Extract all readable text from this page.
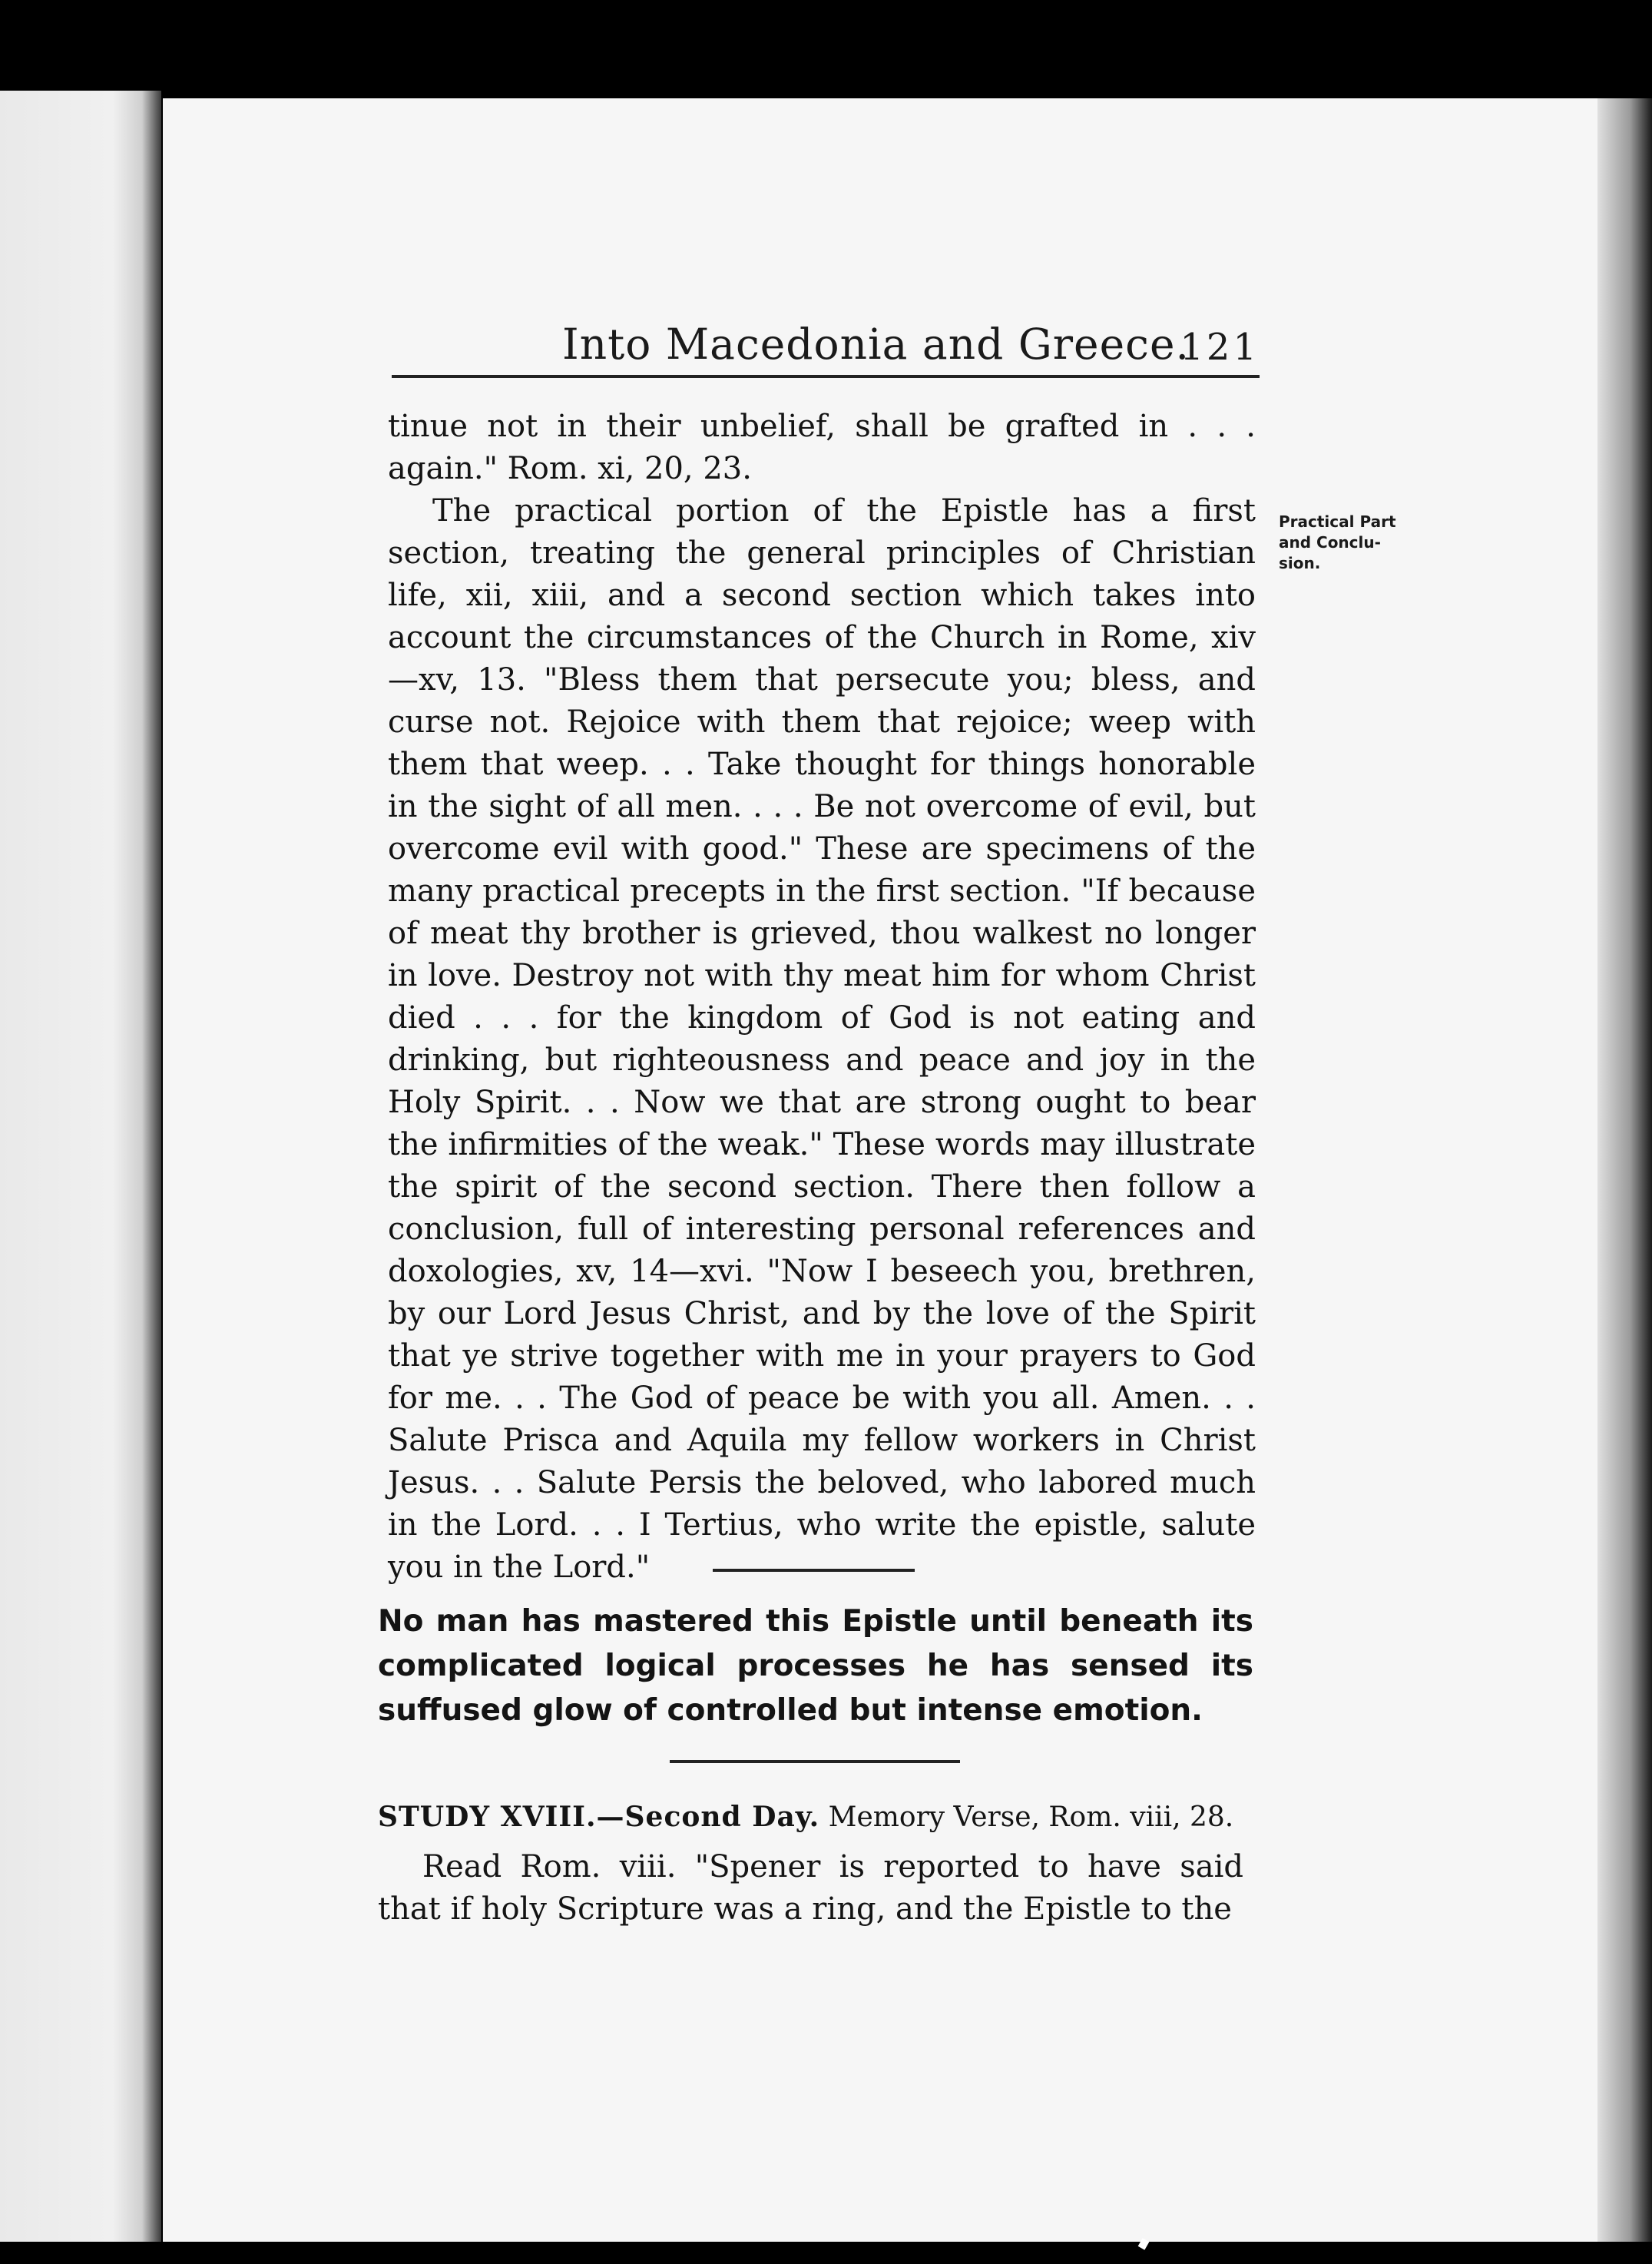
Into Macedonia and Greece.
121

tinue not in their unbelief, shall be grafted in . . . again." Rom. xi, 20, 23.

The practical portion of the Epistle has a first section, treating the general principles of Christian life, xii, xiii, and a second section which takes into account the circumstances of the Church in Rome, xiv—xv, 13. "Bless them that persecute you; bless, and curse not. Rejoice with them that rejoice; weep with them that weep. . . Take thought for things honorable in the sight of all men. . . . Be not overcome of evil, but overcome evil with good." These are specimens of the many practical precepts in the first section. "If because of meat thy brother is grieved, thou walkest no longer in love. Destroy not with thy meat him for whom Christ died . . . for the kingdom of God is not eating and drinking, but righteousness and peace and joy in the Holy Spirit. . . Now we that are strong ought to bear the infirmities of the weak." These words may illustrate the spirit of the second section. There then follow a conclusion, full of interesting personal references and doxologies, xv, 14—xvi. "Now I beseech you, brethren, by our Lord Jesus Christ, and by the love of the Spirit that ye strive together with me in your prayers to God for me. . . The God of peace be with you all. Amen. . . Salute Prisca and Aquila my fellow workers in Christ Jesus. . . Salute Persis the beloved, who labored much in the Lord. . . I Tertius, who write the epistle, salute you in the Lord."

Practical Part
and Conclu-
sion.
No man has mastered this Epistle until beneath its complicated logical processes he has sensed its suffused glow of controlled but intense emotion.
STUDY XVIII.—Second Day. Memory Verse, Rom. viii, 28.

Read Rom. viii. "Spener is reported to have said that if holy Scripture was a ring, and the Epistle to the
